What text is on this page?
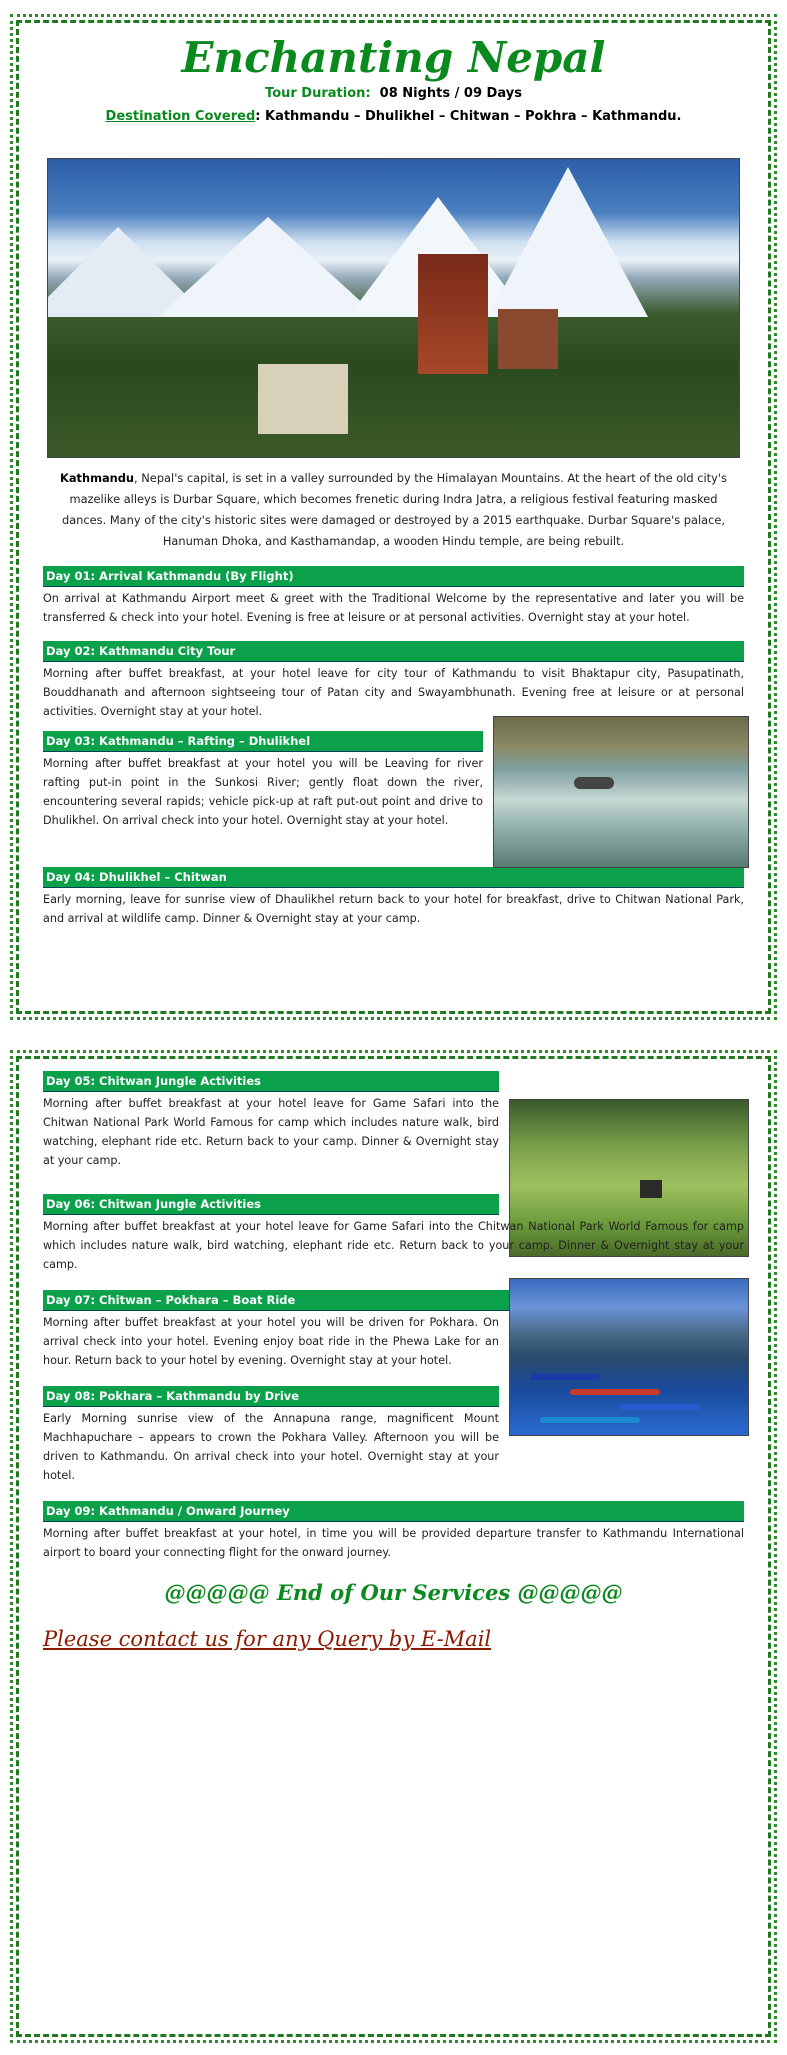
Enchanting Nepal
Tour Duration: 08 Nights / 09 Days
Destination Covered: Kathmandu – Dhulikhel – Chitwan – Pokhra – Kathmandu.
Kathmandu, Nepal's capital, is set in a valley surrounded by the Himalayan Mountains. At the heart of the old city's mazelike alleys is Durbar Square, which becomes frenetic during Indra Jatra, a religious festival featuring masked dances. Many of the city's historic sites were damaged or destroyed by a 2015 earthquake. Durbar Square's palace, Hanuman Dhoka, and Kasthamandap, a wooden Hindu temple, are being rebuilt.
Day 01: Arrival Kathmandu (By Flight)
On arrival at Kathmandu Airport meet & greet with the Traditional Welcome by the representative and later you will be transferred & check into your hotel. Evening is free at leisure or at personal activities. Overnight stay at your hotel.
Day 02: Kathmandu City Tour
Morning after buffet breakfast, at your hotel leave for city tour of Kathmandu to visit Bhaktapur city, Pasupatinath, Bouddhanath and afternoon sightseeing tour of Patan city and Swayambhunath. Evening free at leisure or at personal activities. Overnight stay at your hotel.
Day 03: Kathmandu – Rafting – Dhulikhel
Morning after buffet breakfast at your hotel you will be Leaving for river rafting put-in point in the Sunkosi River; gently float down the river, encountering several rapids; vehicle pick-up at raft put-out point and drive to Dhulikhel. On arrival check into your hotel. Overnight stay at your hotel.
Day 04: Dhulikhel – Chitwan
Early morning, leave for sunrise view of Dhaulikhel return back to your hotel for breakfast, drive to Chitwan National Park, and arrival at wildlife camp. Dinner & Overnight stay at your camp.
Day 05: Chitwan Jungle Activities
Morning after buffet breakfast at your hotel leave for Game Safari into the Chitwan National Park World Famous for camp which includes nature walk, bird watching, elephant ride etc. Return back to your camp. Dinner & Overnight stay at your camp.
Day 06: Chitwan Jungle Activities
Morning after buffet breakfast at your hotel leave for Game Safari into the Chitwan National Park World Famous for camp which includes nature walk, bird watching, elephant ride etc. Return back to your camp. Dinner & Overnight stay at your camp.
Day 07: Chitwan – Pokhara – Boat Ride
Morning after buffet breakfast at your hotel you will be driven for Pokhara. On arrival check into your hotel. Evening enjoy boat ride in the Phewa Lake for an hour. Return back to your hotel by evening. Overnight stay at your hotel.
Day 08: Pokhara – Kathmandu by Drive
Early Morning sunrise view of the Annapuna range, magnificent Mount Machhapuchare – appears to crown the Pokhara Valley. Afternoon you will be driven to Kathmandu. On arrival check into your hotel. Overnight stay at your hotel.
Day 09: Kathmandu / Onward Journey
Morning after buffet breakfast at your hotel, in time you will be provided departure transfer to Kathmandu International airport to board your connecting flight for the onward journey.
@@@@@ End of Our Services @@@@@
Please contact us for any Query by E-Mail
